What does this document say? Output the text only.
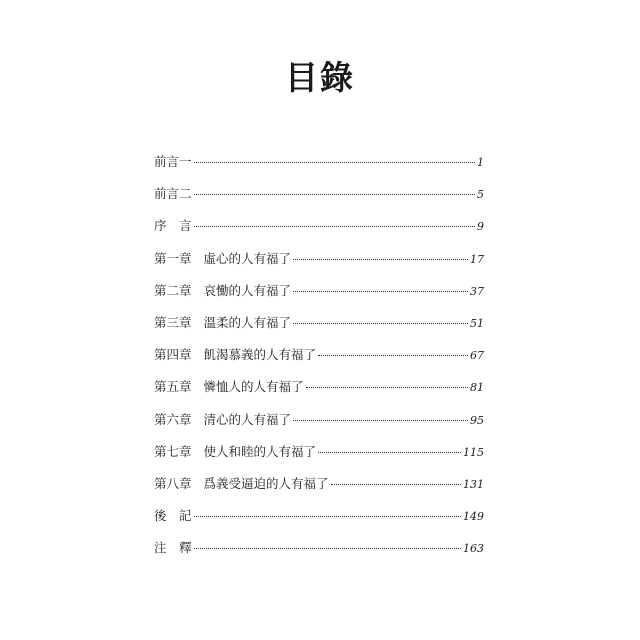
目錄
前言一	1
前言二	5
序　言	9
第一章 虛心的人有福了	17
第二章 哀慟的人有福了	37
第三章 溫柔的人有福了	51
第四章 飢渴慕義的人有福了	67
第五章 憐恤人的人有福了	81
第六章 清心的人有福了	95
第七章 使人和睦的人有福了	115
第八章 爲義受逼迫的人有福了	131
後　記	149
注　釋	163
